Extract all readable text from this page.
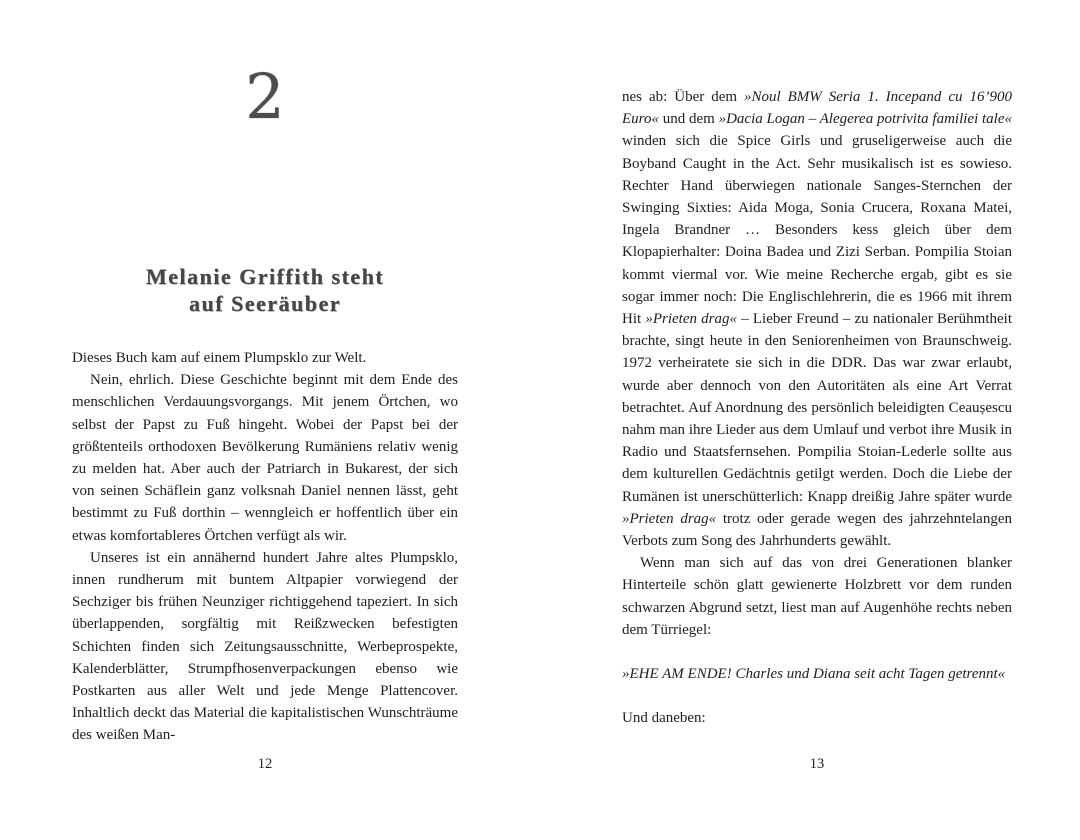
2
Melanie Griffith steht
auf Seeräuber

Dieses Buch kam auf einem Plumpsklo zur Welt.

Nein, ehrlich. Diese Geschichte beginnt mit dem Ende des menschlichen Verdauungsvorgangs. Mit jenem Örtchen, wo selbst der Papst zu Fuß hingeht. Wobei der Papst bei der größtenteils orthodoxen Bevölkerung Rumäniens relativ wenig zu melden hat. Aber auch der Patriarch in Bukarest, der sich von seinen Schäflein ganz volksnah Daniel nennen lässt, geht bestimmt zu Fuß dorthin – wenngleich er hoffentlich über ein etwas komfortableres Örtchen verfügt als wir.

Unseres ist ein annähernd hundert Jahre altes Plumpsklo, innen rundherum mit buntem Altpapier vorwiegend der Sechziger bis frühen Neunziger richtiggehend tapeziert. In sich überlappenden, sorgfältig mit Reißzwecken befestigten Schichten finden sich Zeitungsausschnitte, Werbeprospekte, Kalenderblätter, Strumpfhosenverpackungen ebenso wie Postkarten aus aller Welt und jede Menge Plattencover. Inhaltlich deckt das Material die kapitalistischen Wunschträume des weißen Man-

12

nes ab: Über dem »Noul BMW Seria 1. Incepand cu 16’900 Euro« und dem »Dacia Logan – Alegerea potrivita familiei tale« winden sich die Spice Girls und gruseligerweise auch die Boyband Caught in the Act. Sehr musikalisch ist es sowieso. Rechter Hand überwiegen nationale Sanges-Sternchen der Swinging Sixties: Aida Moga, Sonia Crucera, Roxana Matei, Ingela Brandner … Besonders kess gleich über dem Klopapierhalter: Doina Badea und Zizi Serban. Pompilia Stoian kommt viermal vor. Wie meine Recherche ergab, gibt es sie sogar immer noch: Die Englischlehrerin, die es 1966 mit ihrem Hit »Prieten drag« – Lieber Freund – zu nationaler Berühmtheit brachte, singt heute in den Seniorenheimen von Braunschweig. 1972 verheiratete sie sich in die DDR. Das war zwar erlaubt, wurde aber dennoch von den Autoritäten als eine Art Verrat betrachtet. Auf Anordnung des persönlich beleidigten Ceaușescu nahm man ihre Lieder aus dem Umlauf und verbot ihre Musik in Radio und Staatsfernsehen. Pompilia Stoian-Lederle sollte aus dem kulturellen Gedächtnis getilgt werden. Doch die Liebe der Rumänen ist unerschütterlich: Knapp dreißig Jahre später wurde »Prieten drag« trotz oder gerade wegen des jahrzehntelangen Verbots zum Song des Jahrhunderts gewählt.

Wenn man sich auf das von drei Generationen blanker Hinterteile schön glatt gewienerte Holzbrett vor dem runden schwarzen Abgrund setzt, liest man auf Augenhöhe rechts neben dem Türriegel:

»EHE AM ENDE! Charles und Diana seit acht Tagen getrennt«

Und daneben:

13
